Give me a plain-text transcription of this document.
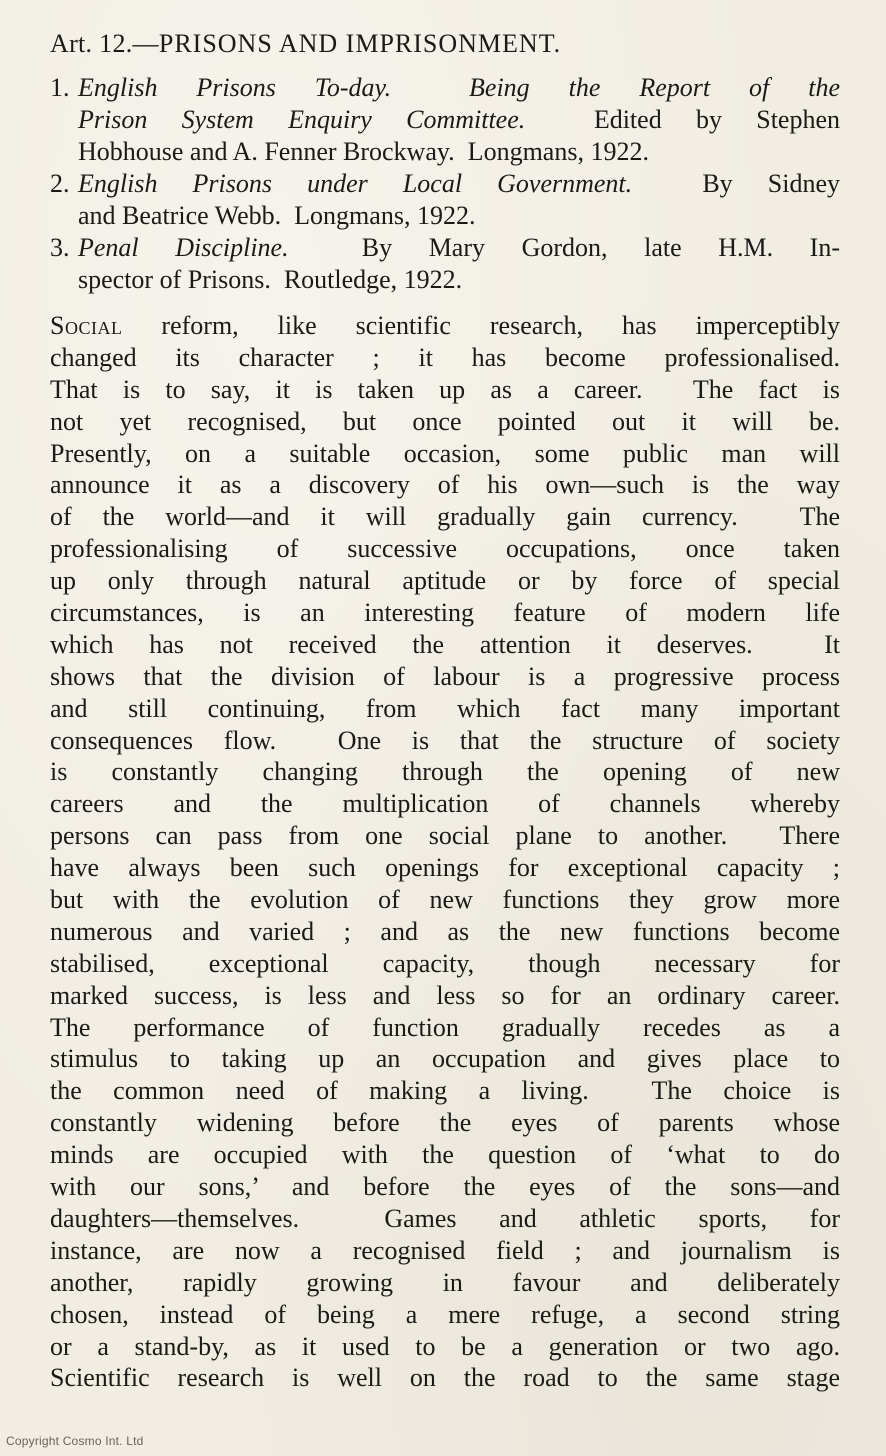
Art. 12.—PRISONS AND IMPRISONMENT.
1. English Prisons To-day.  Being the Report of the
Prison System Enquiry Committee.  Edited by Stephen
Hobhouse and A. Fenner Brockway.  Longmans, 1922.
2. English Prisons under Local Government.  By Sidney
and Beatrice Webb.  Longmans, 1922.
3. Penal Discipline.  By Mary Gordon, late H.M. In-
spector of Prisons.  Routledge, 1922.
Social reform, like scientific research, has imperceptibly
changed its character ; it has become professionalised.
That is to say, it is taken up as a career.  The fact is
not yet recognised, but once pointed out it will be.
Presently, on a suitable occasion, some public man will
announce it as a discovery of his own—such is the way
of the world—and it will gradually gain currency.  The
professionalising of successive occupations, once taken
up only through natural aptitude or by force of special
circumstances, is an interesting feature of modern life
which has not received the attention it deserves.  It
shows that the division of labour is a progressive process
and still continuing, from which fact many important
consequences flow.  One is that the structure of society
is constantly changing through the opening of new
careers and the multiplication of channels whereby
persons can pass from one social plane to another.  There
have always been such openings for exceptional capacity ;
but with the evolution of new functions they grow more
numerous and varied ; and as the new functions become
stabilised, exceptional capacity, though necessary for
marked success, is less and less so for an ordinary career.
The performance of function gradually recedes as a
stimulus to taking up an occupation and gives place to
the common need of making a living.  The choice is
constantly widening before the eyes of parents whose
minds are occupied with the question of ‘what to do
with our sons,’ and before the eyes of the sons—and
daughters—themselves.  Games and athletic sports, for
instance, are now a recognised field ; and journalism is
another, rapidly growing in favour and deliberately
chosen, instead of being a mere refuge, a second string
or a stand-by, as it used to be a generation or two ago.
Scientific research is well on the road to the same stage
Copyright Cosmo Int. Ltd
